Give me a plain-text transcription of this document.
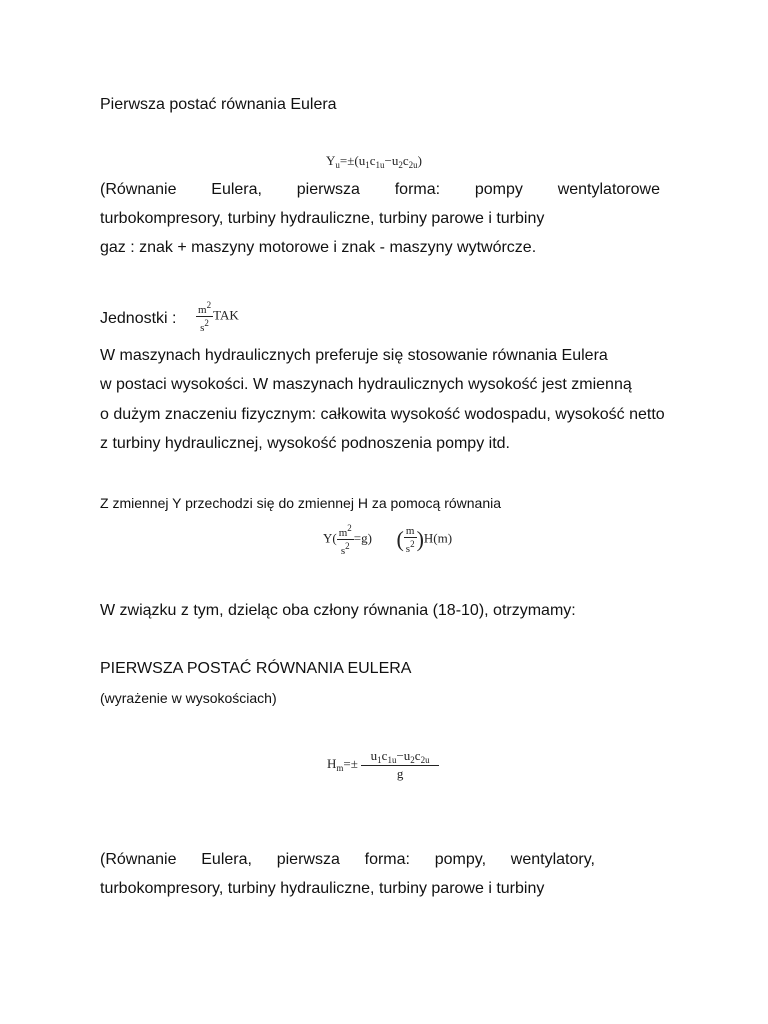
Pierwsza postać równania Eulera
$Y_u=\pm(u_1c_{1u}-u_2c_{2u})$
(Równanie Eulera, pierwsza forma: pompy wentylatorowe
turbokompresory, turbiny hydrauliczne, turbiny parowe i turbiny
gaz : znak + maszyny motorowe i znak - maszyny wytwórcze.
Jednostki : $\frac{m^2}{s^2}$ TAK
W maszynach hydraulicznych preferuje się stosowanie równania Eulera
w postaci wysokości. W maszynach hydraulicznych wysokość jest zmienną
o dużym znaczeniu fizycznym: całkowita wysokość wodospadu, wysokość netto
z turbiny hydraulicznej, wysokość podnoszenia pompy itd.
Z zmiennej Y przechodzi się do zmiennej H za pomocą równania
$Y( \frac{m^2}{s^2} =g)$ ( $\frac{m}{s^2} )H(m)$
W związku z tym, dzieląc oba człony równania (18-10), otrzymamy:
PIERWSZA POSTAĆ RÓWNANIA EULERA
(wyrażenie w wysokościach)
$H_m=\pm \frac{u_1c_{1u}-u_2c_{2u}}{g}$
(Równanie Eulera, pierwsza forma: pompy, wentylatory,
turbokompresory, turbiny hydrauliczne, turbiny parowe i turbiny
